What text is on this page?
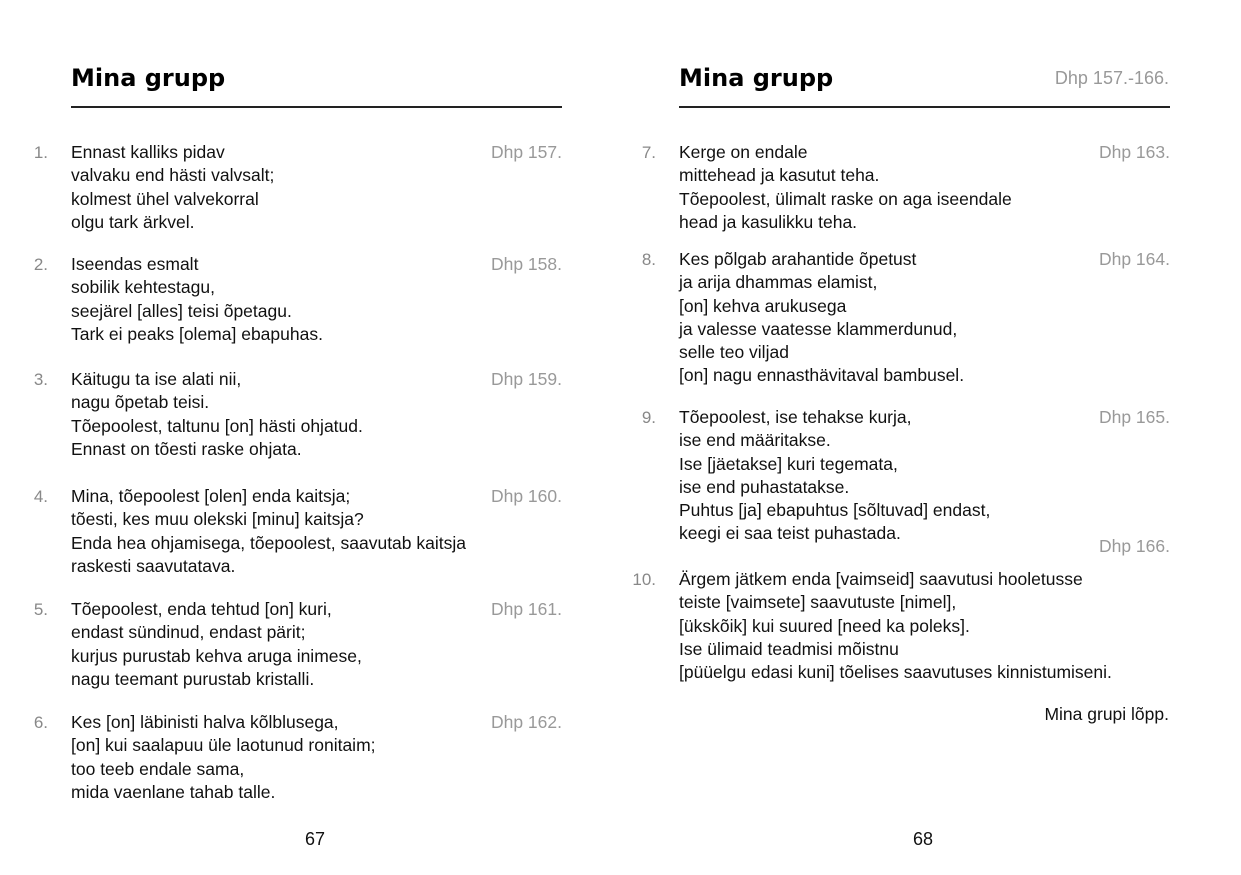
Mina grupp
1. Ennast kalliks pidav
valvaku end hästi valvsalt;
kolmest ühel valvekorral
olgu tark ärkvel.
Dhp 157.
2. Iseendas esmalt
sobilik kehtestagu,
seejärel [alles] teisi õpetagu.
Tark ei peaks [olema] ebapuhas.
Dhp 158.
3. Käitugu ta ise alati nii,
nagu õpetab teisi.
Tõepoolest, taltunu [on] hästi ohjatud.
Ennast on tõesti raske ohjata.
Dhp 159.
4. Mina, tõepoolest [olen] enda kaitsja;
tõesti, kes muu olekski [minu] kaitsja?
Enda hea ohjamisega, tõepoolest, saavutab kaitsja
raskesti saavutatava.
Dhp 160.
5. Tõepoolest, enda tehtud [on] kuri,
endast sündinud, endast pärit;
kurjus purustab kehva aruga inimese,
nagu teemant purustab kristalli.
Dhp 161.
6. Kes [on] läbinisti halva kõlblusega,
[on] kui saalapuu üle laotunud ronitaim;
too teeb endale sama,
mida vaenlane tahab talle.
Dhp 162.
67
Mina grupp	Dhp 157.-166.
7. Kerge on endale
mittehead ja kasutut teha.
Tõepoolest, ülimalt raske on aga iseendale
head ja kasulikku teha.
Dhp 163.
8. Kes põlgab arahantide õpetust
ja arija dhammas elamist,
[on] kehva arukusega
ja valesse vaatesse klammerdunud,
selle teo viljad
[on] nagu ennasthävitaval bambusel.
Dhp 164.
9. Tõepoolest, ise tehakse kurja,
ise end määritakse.
Ise [jäetakse] kuri tegemata,
ise end puhastatakse.
Puhtus [ja] ebapuhtus [sõltuvad] endast,
keegi ei saa teist puhastada.
Dhp 165.
Dhp 166.
10. Ärgem jätkem enda [vaimseid] saavutusi hooletusse
teiste [vaimsete] saavutuste [nimel],
[ükskõik] kui suured [need ka poleks].
Ise ülimaid teadmisi mõistnu
[püüelgu edasi kuni] tõelises saavutuses kinnistumiseni.
Mina grupi lõpp.
68
